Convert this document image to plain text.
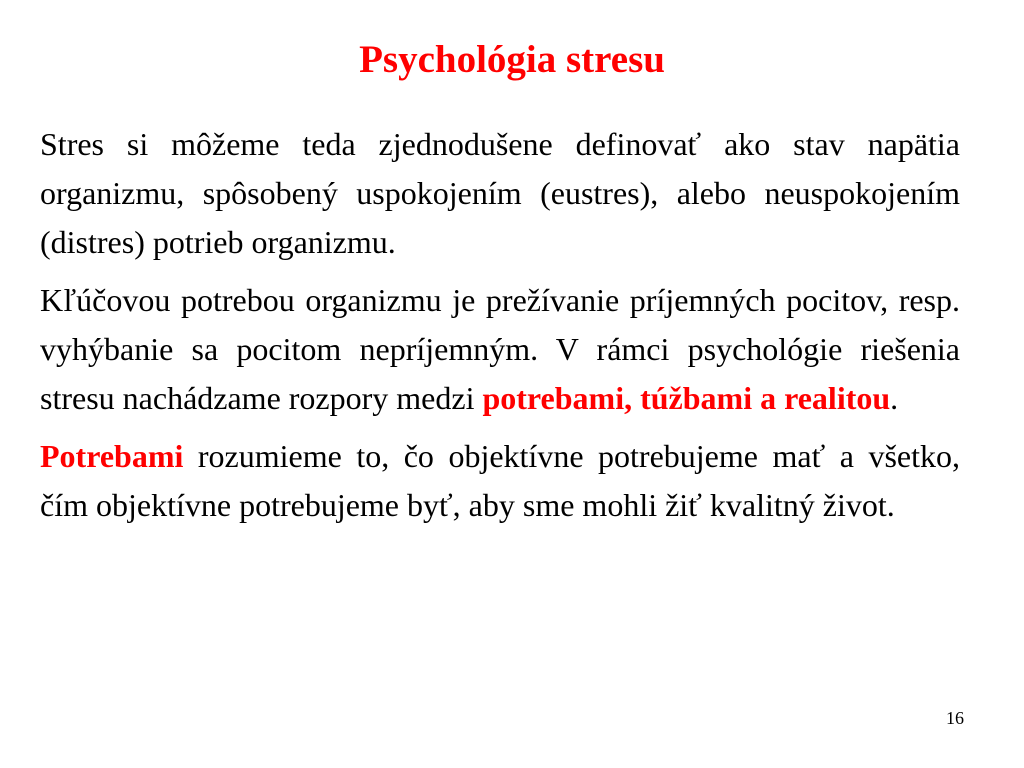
Psychológia stresu

Stres si môžeme teda zjednodušene definovať ako stav napätia organizmu, spôsobený uspokojením (eustres), alebo neuspokojením (distres) potrieb organizmu.

Kľúčovou potrebou organizmu je prežívanie príjemných pocitov, resp. vyhýbanie sa pocitom nepríjemným. V rámci psychológie riešenia stresu nachádzame rozpory medzi potrebami, túžbami a realitou.

Potrebami rozumieme to, čo objektívne potrebujeme mať a všetko, čím objektívne potrebujeme byť, aby sme mohli žiť kvalitný život.

16
